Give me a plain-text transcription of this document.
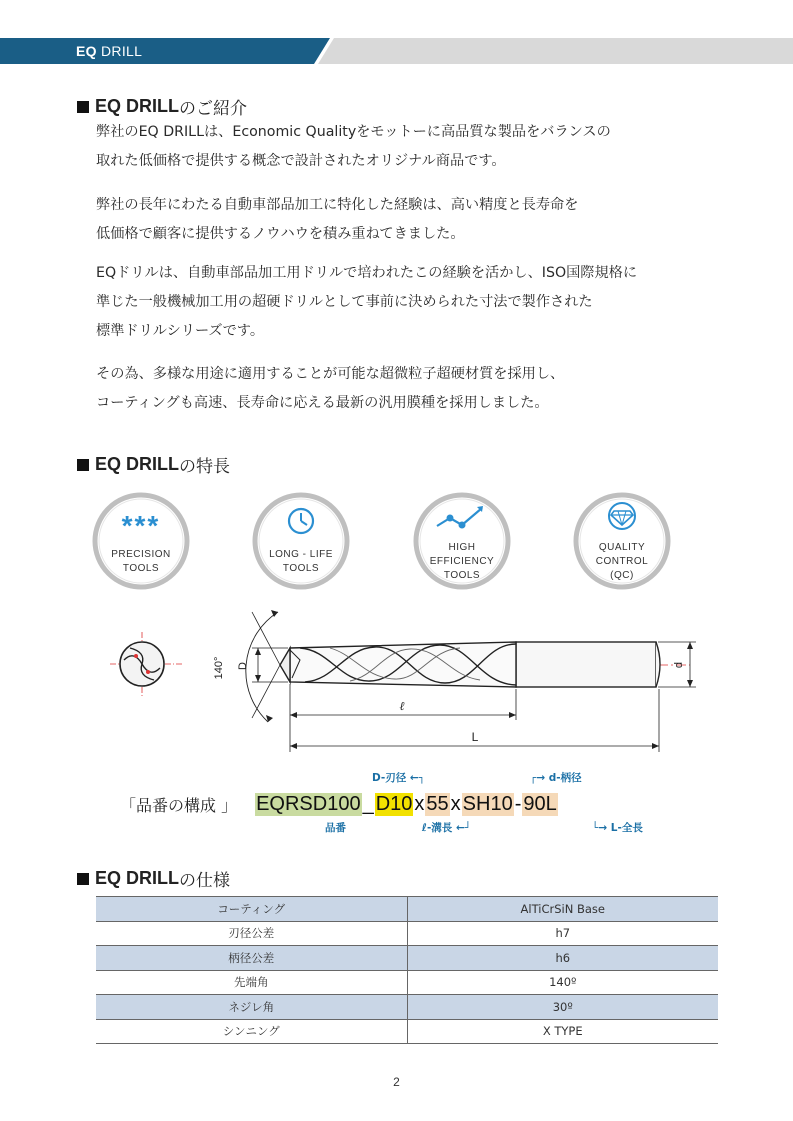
EQ DRILL
EQ DRILL のご紹介
弊社のEQ DRILLは、Economic Qualityをモットーに高品質な製品をバランスの
取れた低価格で提供する概念で設計されたオリジナル商品です。
弊社の長年にわたる自動車部品加工に特化した経験は、高い精度と長寿命を
低価格で顧客に提供するノウハウを積み重ねてきました。
EQドリルは、自動車部品加工用ドリルで培われたこの経験を活かし、ISO国際規格に
準じた一般機械加工用の超硬ドリルとして事前に決められた寸法で製作された
標準ドリルシリーズです。
その為、多様な用途に適用することが可能な超微粒子超硬材質を採用し、
コーティングも高速、長寿命に応える最新の汎用膜種を採用しました。
EQ DRILL の特長
***
PRECISION
TOOLS
LONG - LIFE
TOOLS
HIGH
EFFICIENCY
TOOLS
QUALITY
CONTROL
(QC)
140° D	d
ℓ
L
D-刃径 ←┐	┌→ d-柄径
「品番の構成 」 EQRSD100 _ D10 x 55 x SH10 - 90L
品番	ℓ-溝長 ←┘	└→ L-全長
EQ DRILL の仕様
コーティング	AlTiCrSiN Base
刃径公差	h7
柄径公差	h6
先端角	140º
ネジレ角	30º
シンニング	X TYPE
2
